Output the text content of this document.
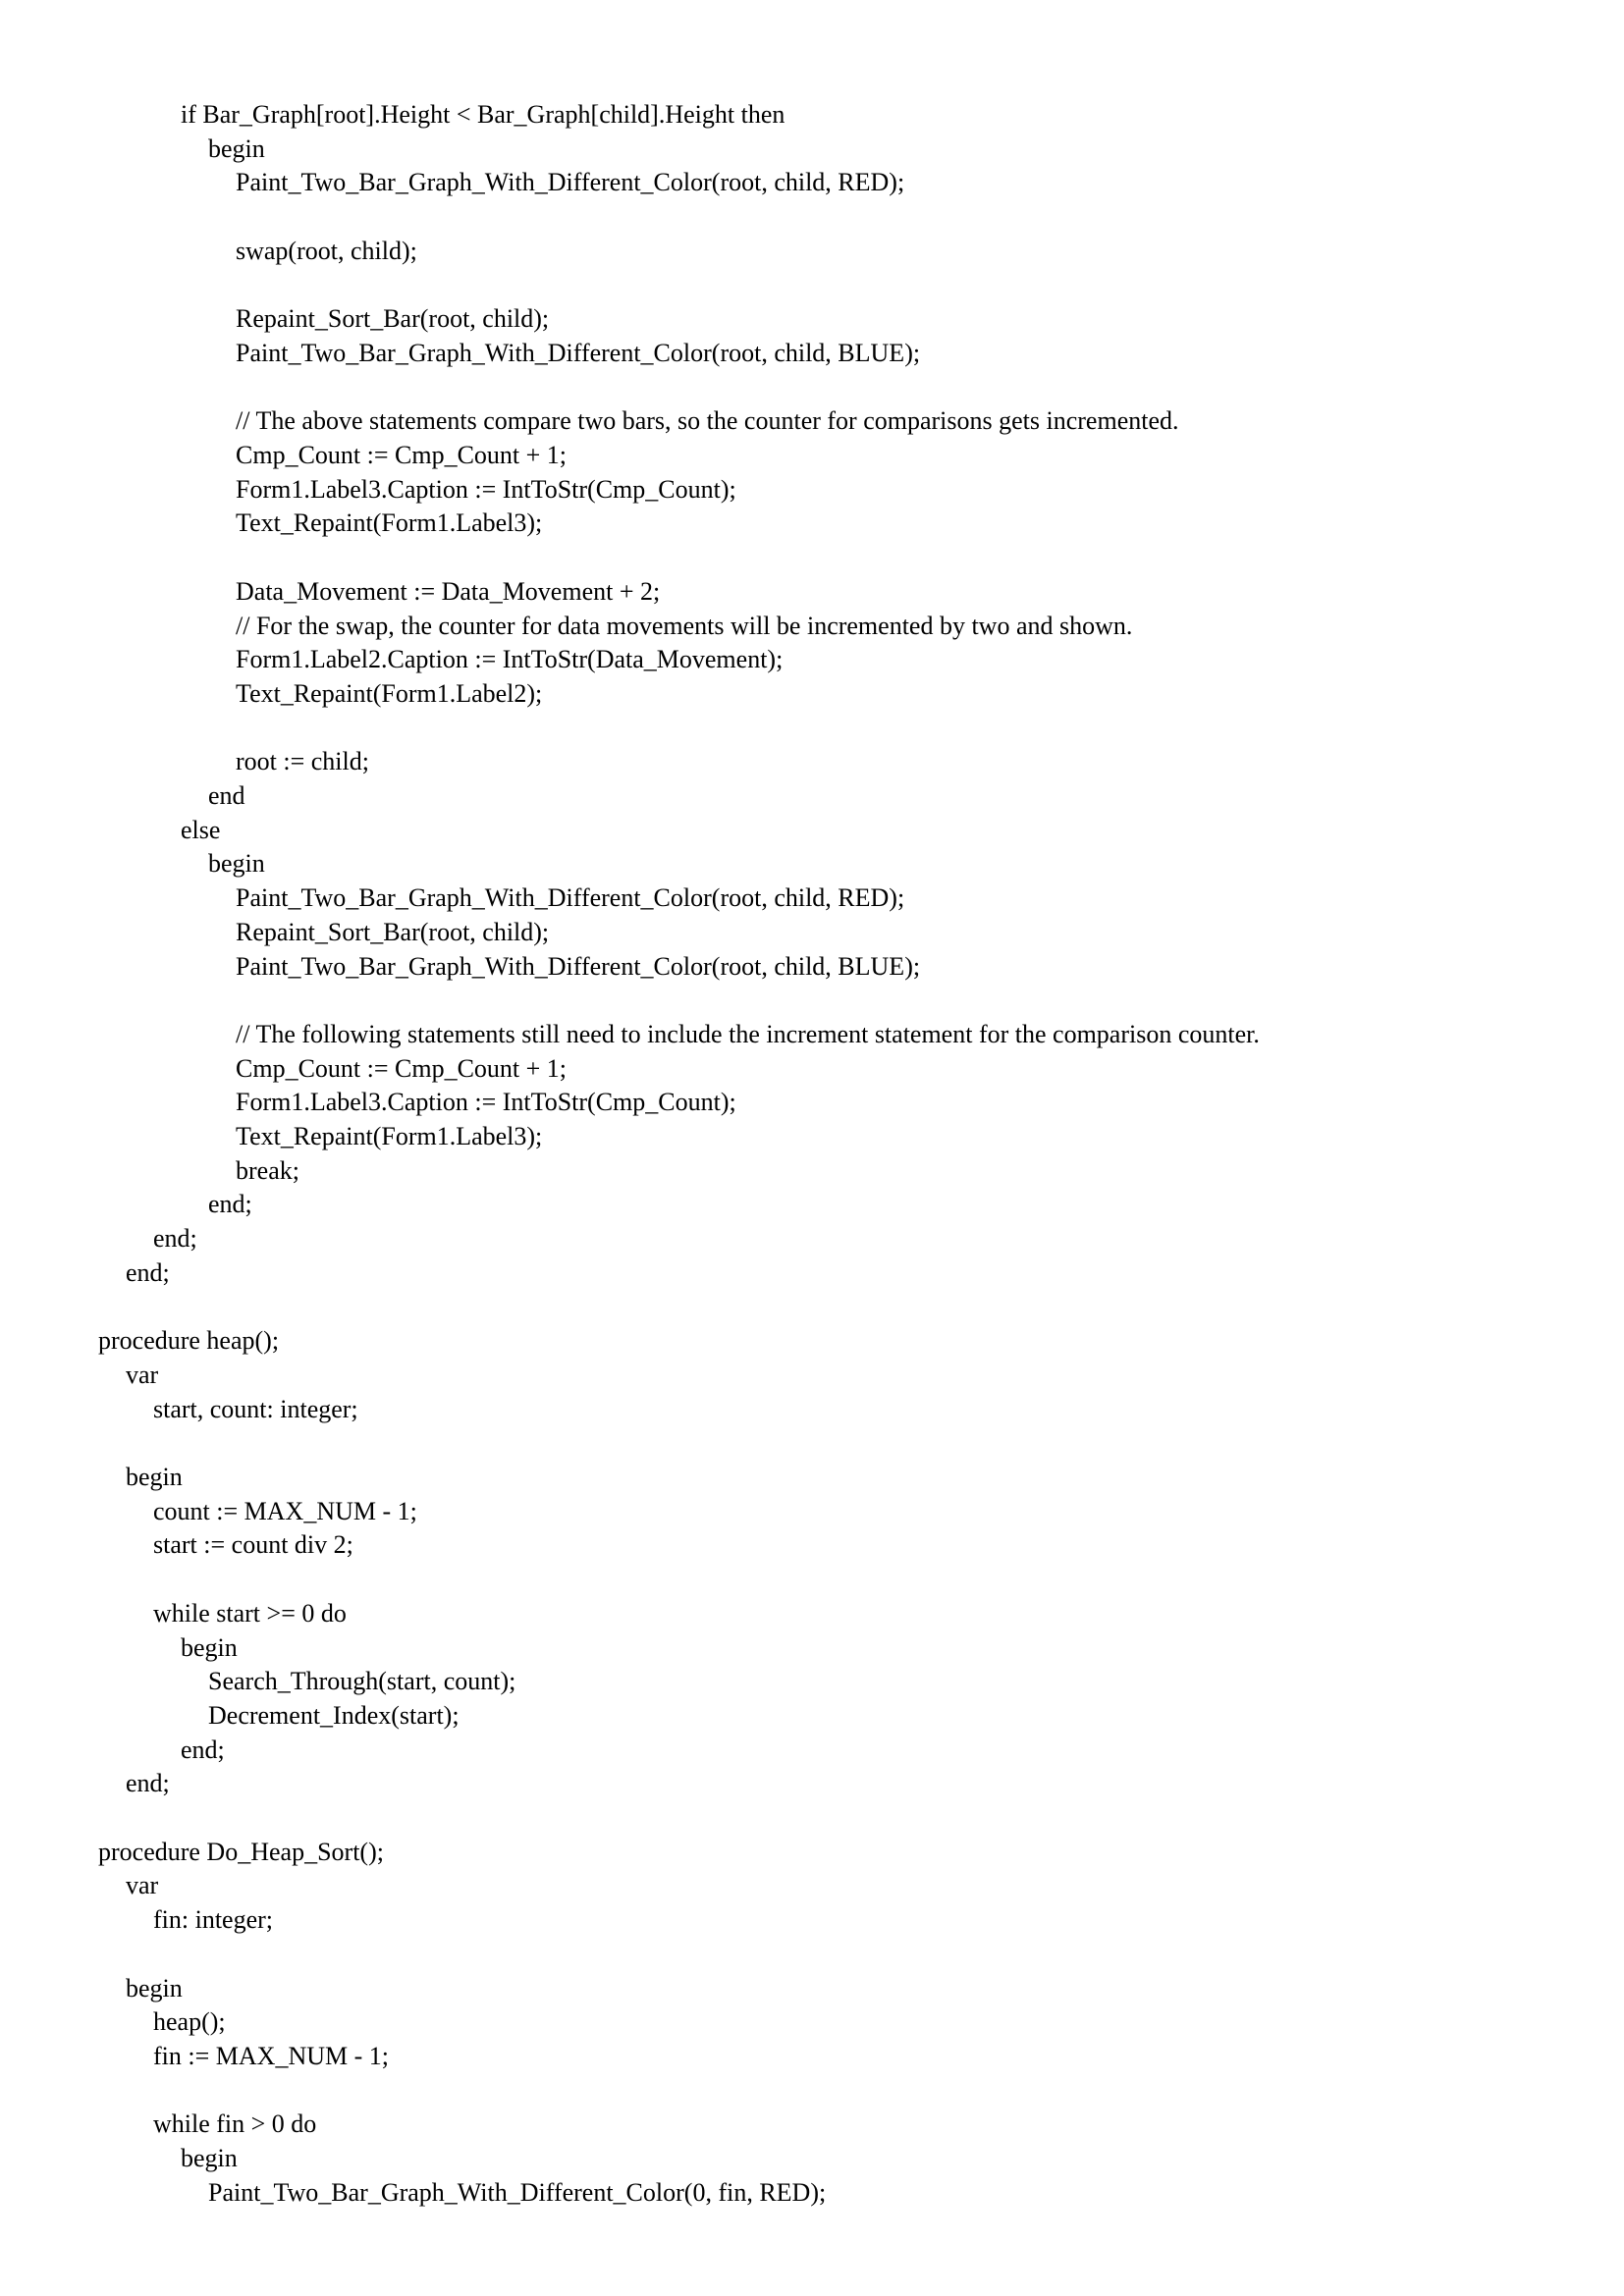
if Bar_Graph[root].Height < Bar_Graph[child].Height then
begin
Paint_Two_Bar_Graph_With_Different_Color(root, child, RED);
swap(root, child);
Repaint_Sort_Bar(root, child);
Paint_Two_Bar_Graph_With_Different_Color(root, child, BLUE);
// The above statements compare two bars, so the counter for comparisons gets incremented.
Cmp_Count := Cmp_Count + 1;
Form1.Label3.Caption := IntToStr(Cmp_Count);
Text_Repaint(Form1.Label3);
Data_Movement := Data_Movement + 2;
// For the swap, the counter for data movements will be incremented by two and shown.
Form1.Label2.Caption := IntToStr(Data_Movement);
Text_Repaint(Form1.Label2);
root := child;
end
else
begin
Paint_Two_Bar_Graph_With_Different_Color(root, child, RED);
Repaint_Sort_Bar(root, child);
Paint_Two_Bar_Graph_With_Different_Color(root, child, BLUE);
// The following statements still need to include the increment statement for the comparison counter.
Cmp_Count := Cmp_Count + 1;
Form1.Label3.Caption := IntToStr(Cmp_Count);
Text_Repaint(Form1.Label3);
break;
end;
end;
end;
procedure heap();
var
start, count: integer;
begin
count := MAX_NUM - 1;
start := count div 2;
while start >= 0 do
begin
Search_Through(start, count);
Decrement_Index(start);
end;
end;
procedure Do_Heap_Sort();
var
fin: integer;
begin
heap();
fin := MAX_NUM - 1;
while fin > 0 do
begin
Paint_Two_Bar_Graph_With_Different_Color(0, fin, RED);
